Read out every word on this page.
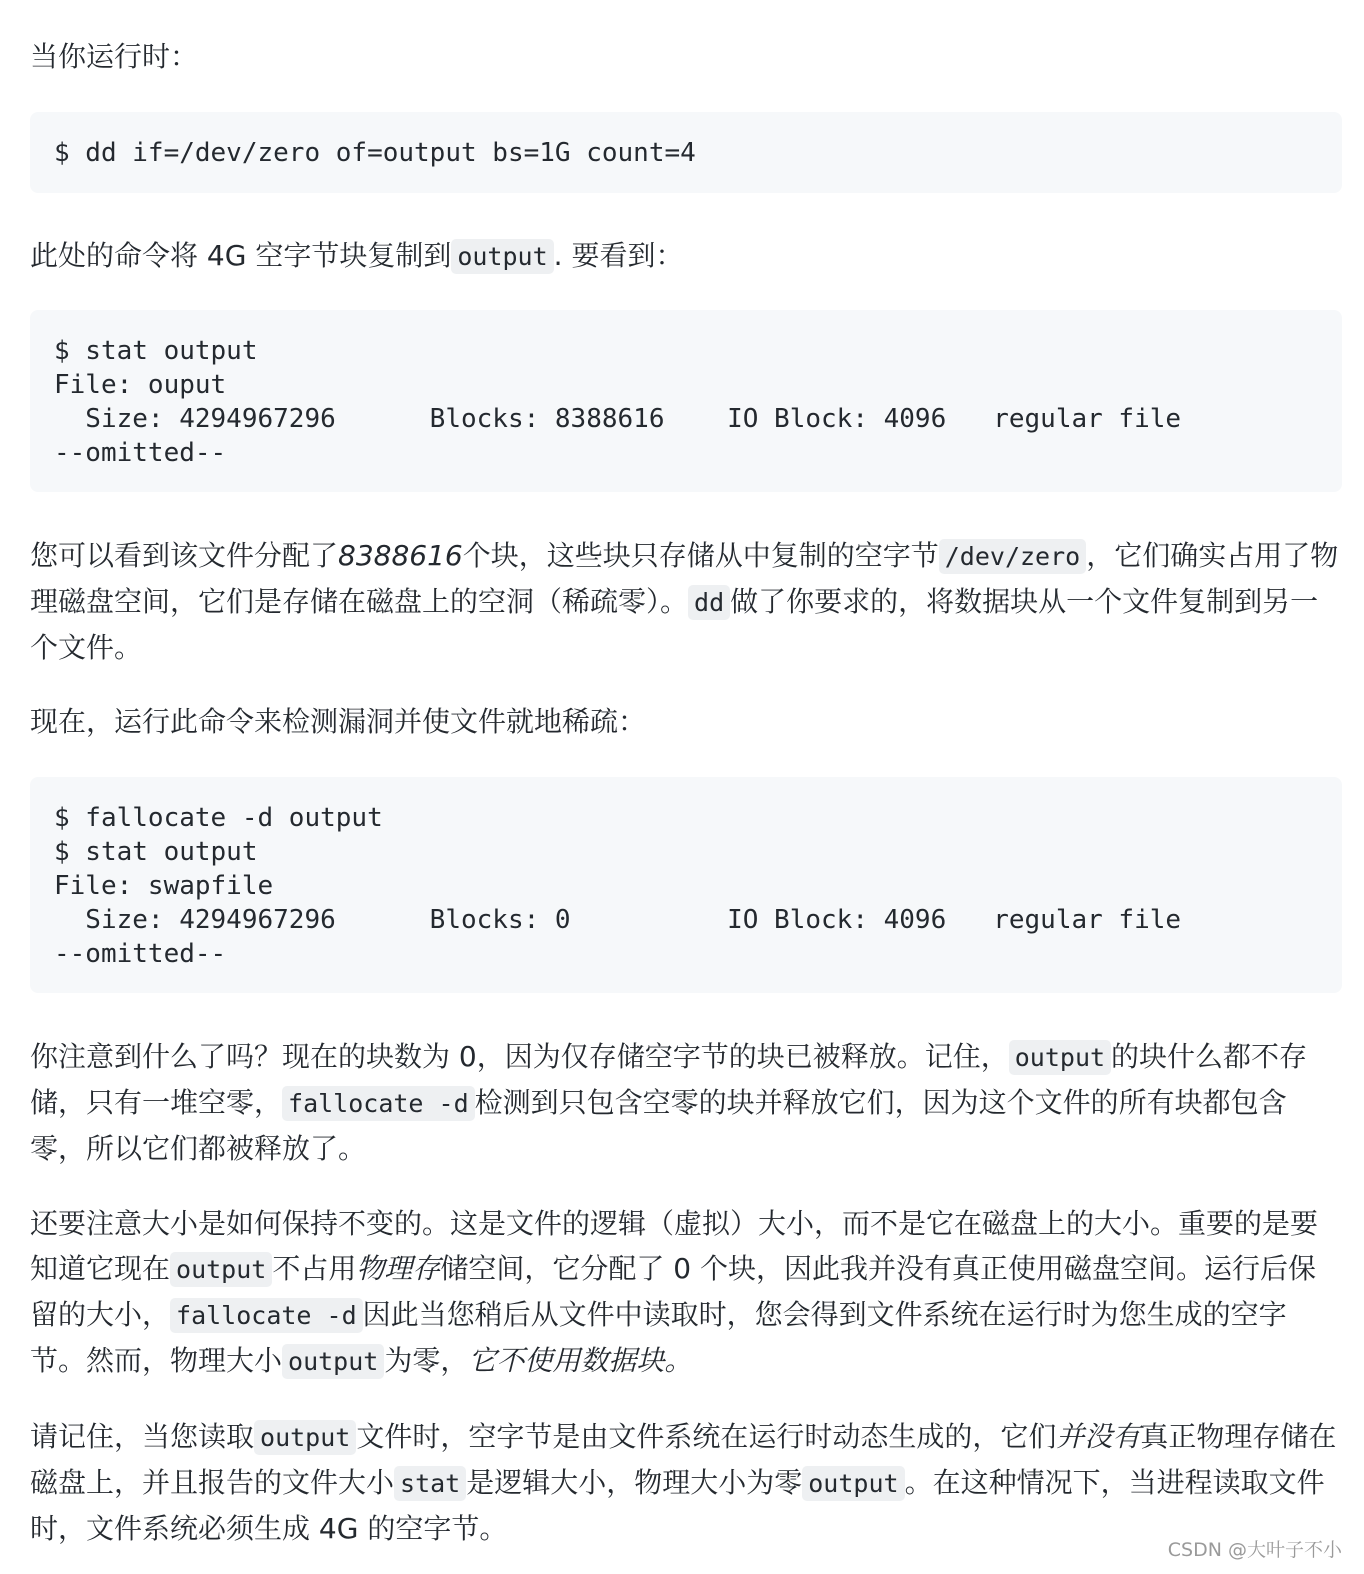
当你运行时：

$ dd if=/dev/zero of=output bs=1G count=4

此处的命令将 4G 空字节块复制到 output . 要看到：

$ stat output
File: ouput
Size: 4294967296      Blocks: 8388616    IO Block: 4096   regular file
--omitted--

您可以看到该文件分配了8388616个块，这些块只存储从中复制的空字节 /dev/zero ，它们确实占用了物理磁盘空间，它们是存储在磁盘上的空洞（稀疏零）。 dd 做了你要求的，将数据块从一个文件复制到另一个文件。

现在，运行此命令来检测漏洞并使文件就地稀疏：

$ fallocate -d output
$ stat output
File: swapfile
Size: 4294967296      Blocks: 0          IO Block: 4096   regular file
--omitted--

你注意到什么了吗？现在的块数为 0，因为仅存储空字节的块已被释放。记住， output 的块什么都不存储，只有一堆空零， fallocate -d 检测到只包含空零的块并释放它们，因为这个文件的所有块都包含零，所以它们都被释放了。

还要注意大小是如何保持不变的。这是文件的逻辑（虚拟）大小，而不是它在磁盘上的大小。重要的是要知道它现在 output 不占用物理存储空间，它分配了 0 个块，因此我并没有真正使用磁盘空间。运行后保留的大小， fallocate -d 因此当您稍后从文件中读取时，您会得到文件系统在运行时为您生成的空字节。然而，物理大小 output 为零，它不使用数据块。

请记住，当您读取 output 文件时，空字节是由文件系统在运行时动态生成的，它们并没有真正物理存储在磁盘上，并且报告的文件大小 stat 是逻辑大小，物理大小为零 output 。在这种情况下，当进程读取文件时，文件系统必须生成 4G 的空字节。

CSDN @大叶子不小
